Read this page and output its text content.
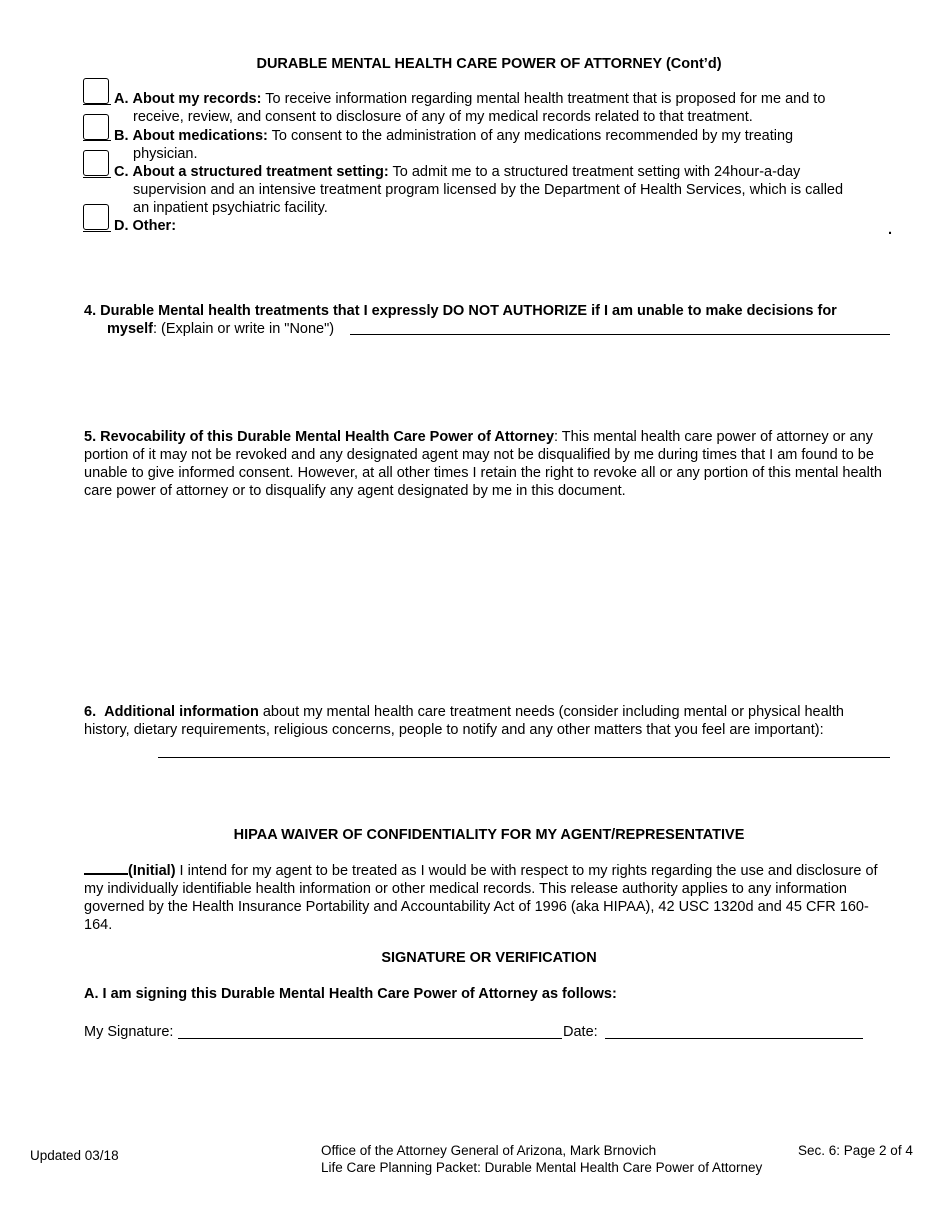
DURABLE MENTAL HEALTH CARE POWER OF ATTORNEY (Cont’d)
A. About my records: To receive information regarding mental health treatment that is proposed for me and to
receive, review, and consent to disclosure of any of my medical records related to that treatment.
B. About medications: To consent to the administration of any medications recommended by my treating
physician.
C. About a structured treatment setting: To admit me to a structured treatment setting with 24hour-a-day
supervision and an intensive treatment program licensed by the Department of Health Services, which is called
an inpatient psychiatric facility.
D. Other:	.
4. Durable Mental health treatments that I expressly DO NOT AUTHORIZE if I am unable to make decisions for
myself: (Explain or write in "None")
5. Revocability of this Durable Mental Health Care Power of Attorney: This mental health care power of attorney or any portion of it may not be revoked and any designated agent may not be disqualified by me during times that I am found to be unable to give informed consent. However, at all other times I retain the right to revoke all or any portion of this mental health care power of attorney or to disqualify any agent designated by me in this document.
6. Additional information about my mental health care treatment needs (consider including mental or physical health history, dietary requirements, religious concerns, people to notify and any other matters that you feel are important):
HIPAA WAIVER OF CONFIDENTIALITY FOR MY AGENT/REPRESENTATIVE
(Initial) I intend for my agent to be treated as I would be with respect to my rights regarding the use and disclosure of my individually identifiable health information or other medical records. This release authority applies to any information governed by the Health Insurance Portability and Accountability Act of 1996 (aka HIPAA), 42 USC 1320d and 45 CFR 160-164.
SIGNATURE OR VERIFICATION
A. I am signing this Durable Mental Health Care Power of Attorney as follows:
My Signature:	Date:
Updated 03/18	Office of the Attorney General of Arizona, Mark Brnovich
Life Care Planning Packet: Durable Mental Health Care Power of Attorney
Sec. 6: Page 2 of 4
